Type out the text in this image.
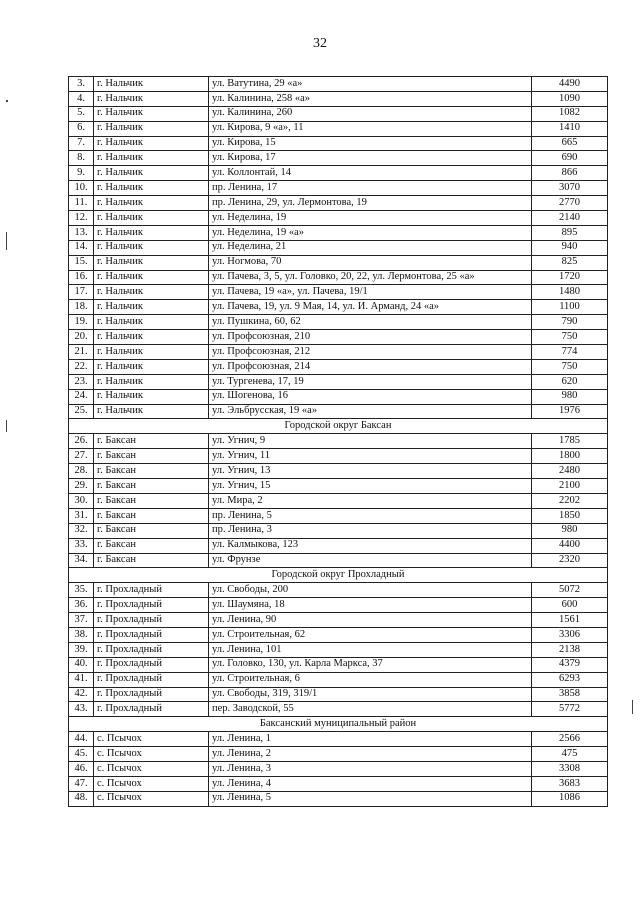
32
3.	г. Нальчик	ул. Ватутина, 29 «а»	4490
4.	г. Нальчик	ул. Калинина, 258 «а»	1090
5.	г. Нальчик	ул. Калинина, 260	1082
6.	г. Нальчик	ул. Кирова, 9 «а», 11	1410
7.	г. Нальчик	ул. Кирова, 15	665
8.	г. Нальчик	ул. Кирова, 17	690
9.	г. Нальчик	ул. Коллонтай, 14	866
10.	г. Нальчик	пр. Ленина, 17	3070
11.	г. Нальчик	пр. Ленина, 29, ул. Лермонтова, 19	2770
12.	г. Нальчик	ул. Неделина, 19	2140
13.	г. Нальчик	ул. Неделина, 19 «а»	895
14.	г. Нальчик	ул. Неделина, 21	940
15.	г. Нальчик	ул. Ногмова, 70	825
16.	г. Нальчик	ул. Пачева, 3, 5, ул. Головко, 20, 22, ул. Лермонтова, 25 «а»	1720
17.	г. Нальчик	ул. Пачева, 19 «а», ул. Пачева, 19/1	1480
18.	г. Нальчик	ул. Пачева, 19, ул. 9 Мая, 14, ул. И. Арманд, 24 «а»	1100
19.	г. Нальчик	ул. Пушкина, 60, 62	790
20.	г. Нальчик	ул. Профсоюзная, 210	750
21.	г. Нальчик	ул. Профсоюзная, 212	774
22.	г. Нальчик	ул. Профсоюзная, 214	750
23.	г. Нальчик	ул. Тургенева, 17, 19	620
24.	г. Нальчик	ул. Шогенова, 16	980
25.	г. Нальчик	ул. Эльбрусская, 19 «а»	1976
Городской округ Баксан			
26.	г. Баксан	ул. Угнич, 9	1785
27.	г. Баксан	ул. Угнич, 11	1800
28.	г. Баксан	ул. Угнич, 13	2480
29.	г. Баксан	ул. Угнич, 15	2100
30.	г. Баксан	ул. Мира, 2	2202
31.	г. Баксан	пр. Ленина, 5	1850
32.	г. Баксан	пр. Ленина, 3	980
33.	г. Баксан	ул. Калмыкова, 123	4400
34.	г. Баксан	ул. Фрунзе	2320
Городской округ Прохладный			
35.	г. Прохладный	ул. Свободы, 200	5072
36.	г. Прохладный	ул. Шаумяна, 18	600
37.	г. Прохладный	ул. Ленина, 90	1561
38.	г. Прохладный	ул. Строительная, 62	3306
39.	г. Прохладный	ул. Ленина, 101	2138
40.	г. Прохладный	ул. Головко, 130, ул. Карла Маркса, 37	4379
41.	г. Прохладный	ул. Строительная, 6	6293
42.	г. Прохладный	ул. Свободы, 319, 319/1	3858
43.	г. Прохладный	пер. Заводской, 55	5772
Баксанский муниципальный район			
44.	с. Псычох	ул. Ленина, 1	2566
45.	с. Псычох	ул. Ленина, 2	475
46.	с. Псычох	ул. Ленина, 3	3308
47.	с. Псычох	ул. Ленина, 4	3683
48.	с. Псычох	ул. Ленина, 5	1086
